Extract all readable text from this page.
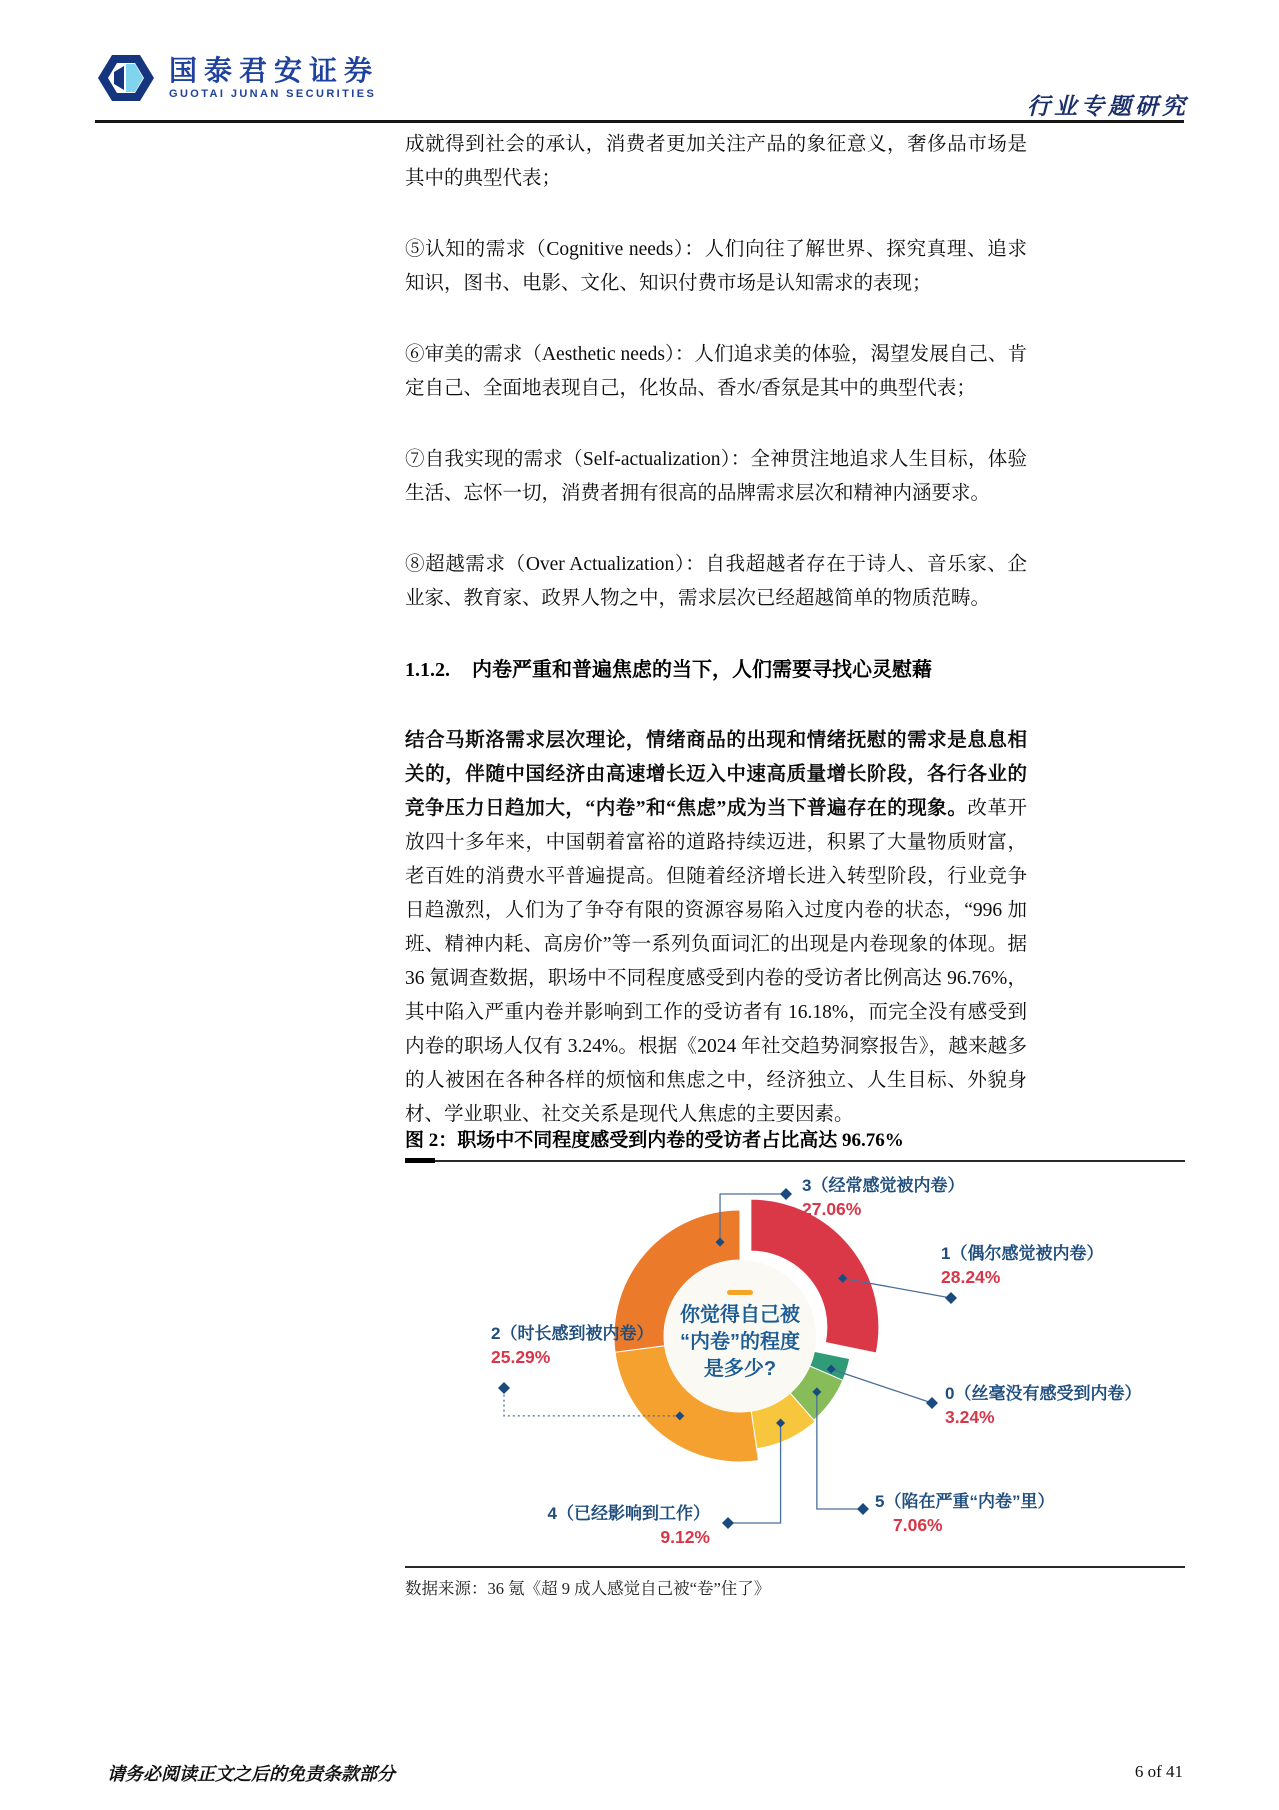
国泰君安证券
GUOTAI JUNAN SECURITIES	行业专题研究

成就得到社会的承认，消费者更加关注产品的象征意义，奢侈品市场是其中的典型代表；

⑤认知的需求（Cognitive needs）：人们向往了解世界、探究真理、追求知识，图书、电影、文化、知识付费市场是认知需求的表现；

⑥审美的需求（Aesthetic needs）：人们追求美的体验，渴望发展自己、肯定自己、全面地表现自己，化妆品、香水/香氛是其中的典型代表；

⑦自我实现的需求（Self-actualization）：全神贯注地追求人生目标，体验生活、忘怀一切，消费者拥有很高的品牌需求层次和精神内涵要求。

⑧超越需求（Over Actualization）：自我超越者存在于诗人、音乐家、企业家、教育家、政界人物之中，需求层次已经超越简单的物质范畴。

1.1.2. 内卷严重和普遍焦虑的当下，人们需要寻找心灵慰藉

结合马斯洛需求层次理论，情绪商品的出现和情绪抚慰的需求是息息相关的，伴随中国经济由高速增长迈入中速高质量增长阶段，各行各业的竞争压力日趋加大，“内卷”和“焦虑”成为当下普遍存在的现象。改革开放四十多年来，中国朝着富裕的道路持续迈进，积累了大量物质财富，老百姓的消费水平普遍提高。但随着经济增长进入转型阶段，行业竞争日趋激烈，人们为了争夺有限的资源容易陷入过度内卷的状态，“996 加班、精神内耗、高房价”等一系列负面词汇的出现是内卷现象的体现。据 36 氪调查数据，职场中不同程度感受到内卷的受访者比例高达 96.76%，其中陷入严重内卷并影响到工作的受访者有 16.18%，而完全没有感受到内卷的职场人仅有 3.24%。根据《2024 年社交趋势洞察报告》，越来越多的人被困在各种各样的烦恼和焦虑之中，经济独立、人生目标、外貌身材、学业职业、社交关系是现代人焦虑的主要因素。

图 2：职场中不同程度感受到内卷的受访者占比高达 96.76%
你觉得自己被
“内卷”的程度
是多少?
3（经常感觉被内卷）
27.06%
1（偶尔感觉被内卷）
28.24%
0（丝毫没有感受到内卷）
3.24%
5（陷在严重“内卷”里）
7.06%
4（已经影响到工作）
9.12%
2（时长感到被内卷）
25.29%
数据来源：36 氪《超 9 成人感觉自己被“卷”住了》
请务必阅读正文之后的免责条款部分	6 of 41
